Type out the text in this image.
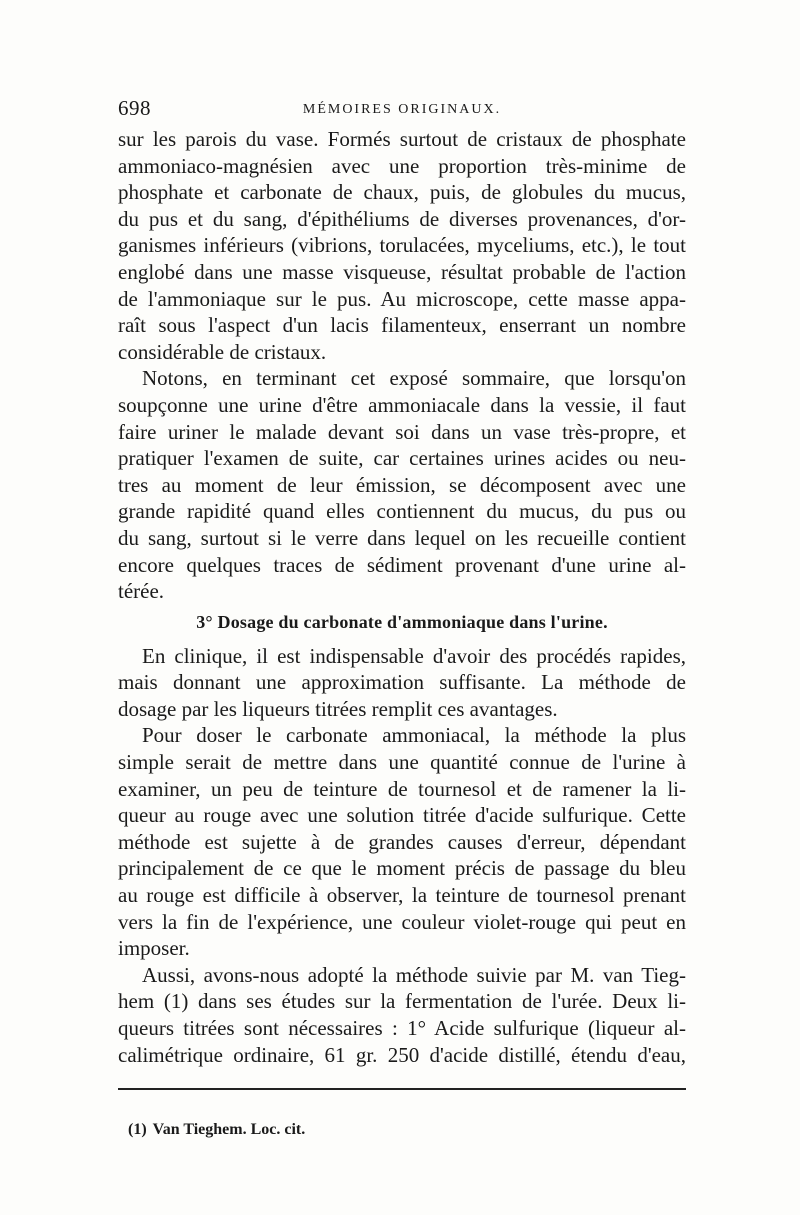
698	MÉMOIRES ORIGINAUX.
sur les parois du vase. Formés surtout de cristaux de phosphate
ammoniaco-magnésien avec une proportion très-minime de
phosphate et carbonate de chaux, puis, de globules du mucus,
du pus et du sang, d'épithéliums de diverses provenances, d'or-
ganismes inférieurs (vibrions, torulacées, myceliums, etc.), le tout
englobé dans une masse visqueuse, résultat probable de l'action
de l'ammoniaque sur le pus. Au microscope, cette masse appa-
raît sous l'aspect d'un lacis filamenteux, enserrant un nombre
considérable de cristaux.
Notons, en terminant cet exposé sommaire, que lorsqu'on
soupçonne une urine d'être ammoniacale dans la vessie, il faut
faire uriner le malade devant soi dans un vase très-propre, et
pratiquer l'examen de suite, car certaines urines acides ou neu-
tres au moment de leur émission, se décomposent avec une
grande rapidité quand elles contiennent du mucus, du pus ou
du sang, surtout si le verre dans lequel on les recueille contient
encore quelques traces de sédiment provenant d'une urine al-
térée.
3° Dosage du carbonate d'ammoniaque dans l'urine.
En clinique, il est indispensable d'avoir des procédés rapides,
mais donnant une approximation suffisante. La méthode de
dosage par les liqueurs titrées remplit ces avantages.
Pour doser le carbonate ammoniacal, la méthode la plus
simple serait de mettre dans une quantité connue de l'urine à
examiner, un peu de teinture de tournesol et de ramener la li-
queur au rouge avec une solution titrée d'acide sulfurique. Cette
méthode est sujette à de grandes causes d'erreur, dépendant
principalement de ce que le moment précis de passage du bleu
au rouge est difficile à observer, la teinture de tournesol prenant
vers la fin de l'expérience, une couleur violet-rouge qui peut en
imposer.
Aussi, avons-nous adopté la méthode suivie par M. van Tieg-
hem (1) dans ses études sur la fermentation de l'urée. Deux li-
queurs titrées sont nécessaires : 1° Acide sulfurique (liqueur al-
calimétrique ordinaire, 61 gr. 250 d'acide distillé, étendu d'eau,
(1) Van Tieghem. Loc. cit.
